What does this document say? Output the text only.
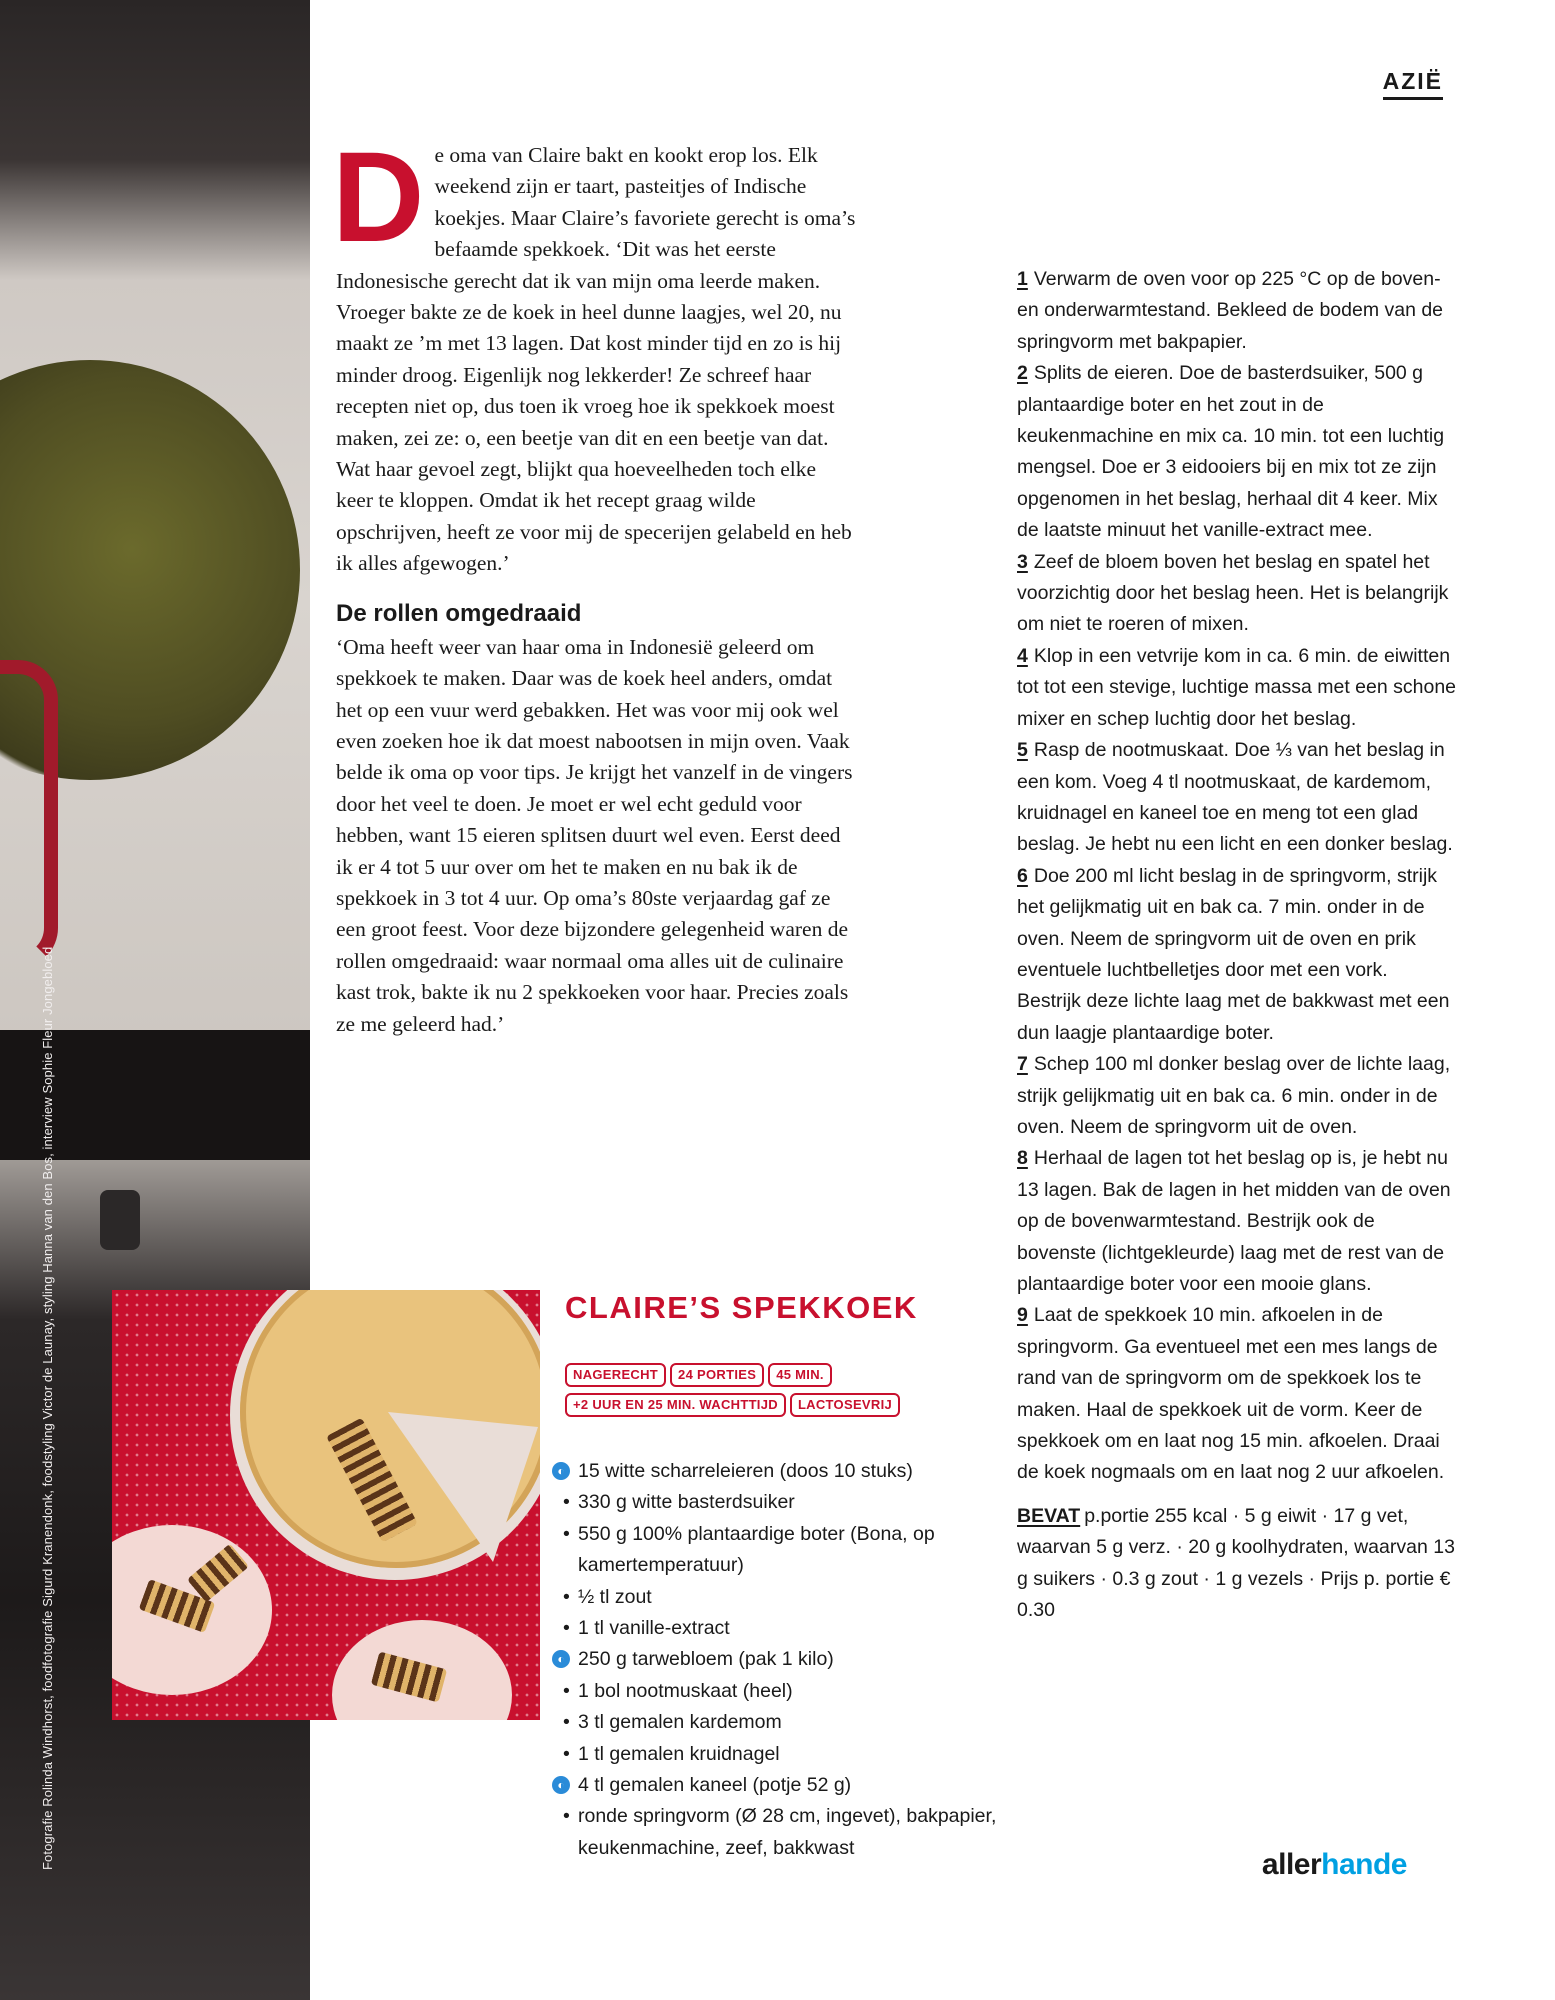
Fotografie Rolinda Windhorst, foodfotografie Sigurd Kranendonk, foodstyling Victor de Launay, styling Hanna van den Bos, interview Sophie Fleur Jongebloed
AZIË

De oma van Claire bakt en kookt erop los. Elk weekend zijn er taart, pasteitjes of Indische koekjes. Maar Claire’s favoriete gerecht is oma’s befaamde spekkoek. ‘Dit was het eerste Indonesische gerecht dat ik van mijn oma leerde maken. Vroeger bakte ze de koek in heel dunne laagjes, wel 20, nu maakt ze ’m met 13 lagen. Dat kost minder tijd en zo is hij minder droog. Eigenlijk nog lekkerder! Ze schreef haar recepten niet op, dus toen ik vroeg hoe ik spekkoek moest maken, zei ze: o, een beetje van dit en een beetje van dat. Wat haar gevoel zegt, blijkt qua hoeveelheden toch elke keer te kloppen. Omdat ik het recept graag wilde opschrijven, heeft ze voor mij de specerijen gelabeld en heb ik alles afgewogen.’

De rollen omgedraaid

‘Oma heeft weer van haar oma in Indonesië geleerd om spekkoek te maken. Daar was de koek heel anders, omdat het op een vuur werd gebakken. Het was voor mij ook wel even zoeken hoe ik dat moest nabootsen in mijn oven. Vaak belde ik oma op voor tips. Je krijgt het vanzelf in de vingers door het veel te doen. Je moet er wel echt geduld voor hebben, want 15 eieren splitsen duurt wel even. Eerst deed ik er 4 tot 5 uur over om het te maken en nu bak ik de spekkoek in 3 tot 4 uur. Op oma’s 80ste verjaardag gaf ze een groot feest. Voor deze bijzondere gelegenheid waren de rollen omgedraaid: waar normaal oma alles uit de culinaire kast trok, bakte ik nu 2 spekkoeken voor haar. Precies zoals ze me geleerd had.’

CLAIRE’S SPEKKOEK
NAGERECHT 24 PORTIES 45 MIN.
+2 UUR EN 25 MIN. WACHTTIJD LACTOSEVRIJ
◐ 15 witte scharreleieren (doos 10 stuks)
• 330 g witte basterdsuiker
• 550 g 100% plantaardige boter (Bona, op kamertemperatuur)
• ½ tl zout
• 1 tl vanille-extract
◐ 250 g tarwebloem (pak 1 kilo)
• 1 bol nootmuskaat (heel)
• 3 tl gemalen kardemom
• 1 tl gemalen kruidnagel
◐ 4 tl gemalen kaneel (potje 52 g)
• ronde springvorm (Ø 28 cm, ingevet), bakpapier, keukenmachine, zeef, bakkwast

1 Verwarm de oven voor op 225 °C op de boven- en onderwarmtestand. Bekleed de bodem van de springvorm met bakpapier.

2 Splits de eieren. Doe de basterdsuiker, 500 g plantaardige boter en het zout in de keukenmachine en mix ca. 10 min. tot een luchtig mengsel. Doe er 3 eidooiers bij en mix tot ze zijn opgenomen in het beslag, herhaal dit 4 keer. Mix de laatste minuut het vanille-extract mee.

3 Zeef de bloem boven het beslag en spatel het voorzichtig door het beslag heen. Het is belangrijk om niet te roeren of mixen.

4 Klop in een vetvrije kom in ca. 6 min. de eiwitten tot tot een stevige, luchtige massa met een schone mixer en schep luchtig door het beslag.

5 Rasp de nootmuskaat. Doe ⅓ van het beslag in een kom. Voeg 4 tl nootmuskaat, de kardemom, kruidnagel en kaneel toe en meng tot een glad beslag. Je hebt nu een licht en een donker beslag.

6 Doe 200 ml licht beslag in de springvorm, strijk het gelijkmatig uit en bak ca. 7 min. onder in de oven. Neem de springvorm uit de oven en prik eventuele luchtbelletjes door met een vork. Bestrijk deze lichte laag met de bakkwast met een dun laagje plantaardige boter.

7 Schep 100 ml donker beslag over de lichte laag, strijk gelijkmatig uit en bak ca. 6 min. onder in de oven. Neem de springvorm uit de oven.

8 Herhaal de lagen tot het beslag op is, je hebt nu 13 lagen. Bak de lagen in het midden van de oven op de bovenwarmtestand. Bestrijk ook de bovenste (lichtgekleurde) laag met de rest van de plantaardige boter voor een mooie glans.

9 Laat de spekkoek 10 min. afkoelen in de springvorm. Ga eventueel met een mes langs de rand van de springvorm om de spekkoek los te maken. Haal de spekkoek uit de vorm. Keer de spekkoek om en laat nog 15 min. afkoelen. Draai de koek nogmaals om en laat nog 2 uur afkoelen.

BEVAT p.portie 255 kcal · 5 g eiwit · 17 g vet, waarvan 5 g verz. · 20 g koolhydraten, waarvan 13 g suikers · 0.3 g zout · 1 g vezels · Prijs p. portie € 0.30

allerhande
